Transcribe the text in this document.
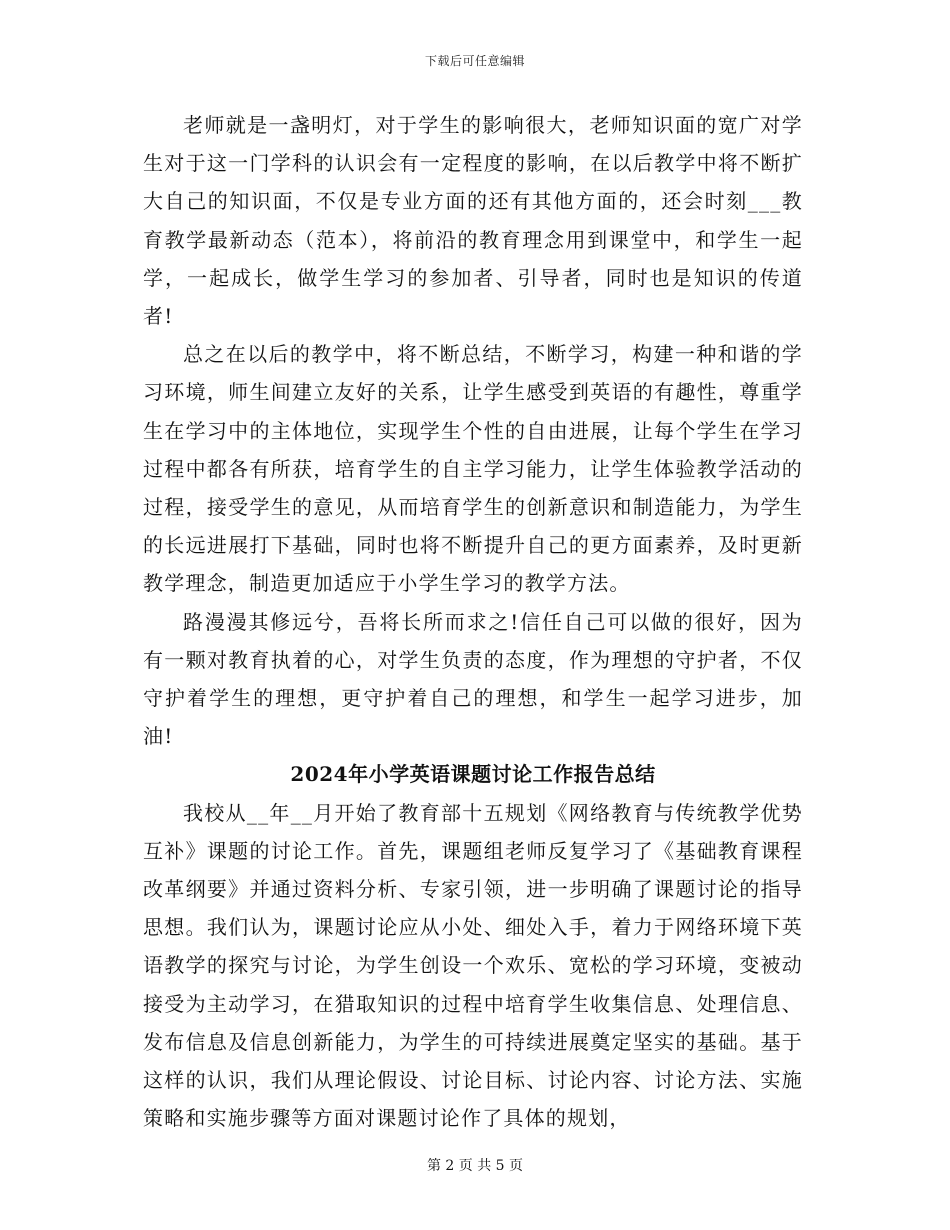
下载后可任意编辑

老师就是一盏明灯，对于学生的影响很大，老师知识面的宽广对学生对于这一门学科的认识会有一定程度的影响，在以后教学中将不断扩大自己的知识面，不仅是专业方面的还有其他方面的，还会时刻___教育教学最新动态（范本），将前沿的教育理念用到课堂中，和学生一起学，一起成长，做学生学习的参加者、引导者，同时也是知识的传道者!

总之在以后的教学中，将不断总结，不断学习，构建一种和谐的学习环境，师生间建立友好的关系，让学生感受到英语的有趣性，尊重学生在学习中的主体地位，实现学生个性的自由进展，让每个学生在学习过程中都各有所获，培育学生的自主学习能力，让学生体验教学活动的过程，接受学生的意见，从而培育学生的创新意识和制造能力，为学生的长远进展打下基础，同时也将不断提升自己的更方面素养，及时更新教学理念，制造更加适应于小学生学习的教学方法。

路漫漫其修远兮，吾将长所而求之!信任自己可以做的很好，因为有一颗对教育执着的心，对学生负责的态度，作为理想的守护者，不仅守护着学生的理想，更守护着自己的理想，和学生一起学习进步，加油!

2024年小学英语课题讨论工作报告总结

我校从__年__月开始了教育部十五规划《网络教育与传统教学优势互补》课题的讨论工作。首先，课题组老师反复学习了《基础教育课程改革纲要》并通过资料分析、专家引领，进一步明确了课题讨论的指导思想。我们认为，课题讨论应从小处、细处入手，着力于网络环境下英语教学的探究与讨论，为学生创设一个欢乐、宽松的学习环境，变被动接受为主动学习，在猎取知识的过程中培育学生收集信息、处理信息、发布信息及信息创新能力，为学生的可持续进展奠定坚实的基础。基于这样的认识，我们从理论假设、讨论目标、讨论内容、讨论方法、实施策略和实施步骤等方面对课题讨论作了具体的规划，

第 2 页 共 5 页
